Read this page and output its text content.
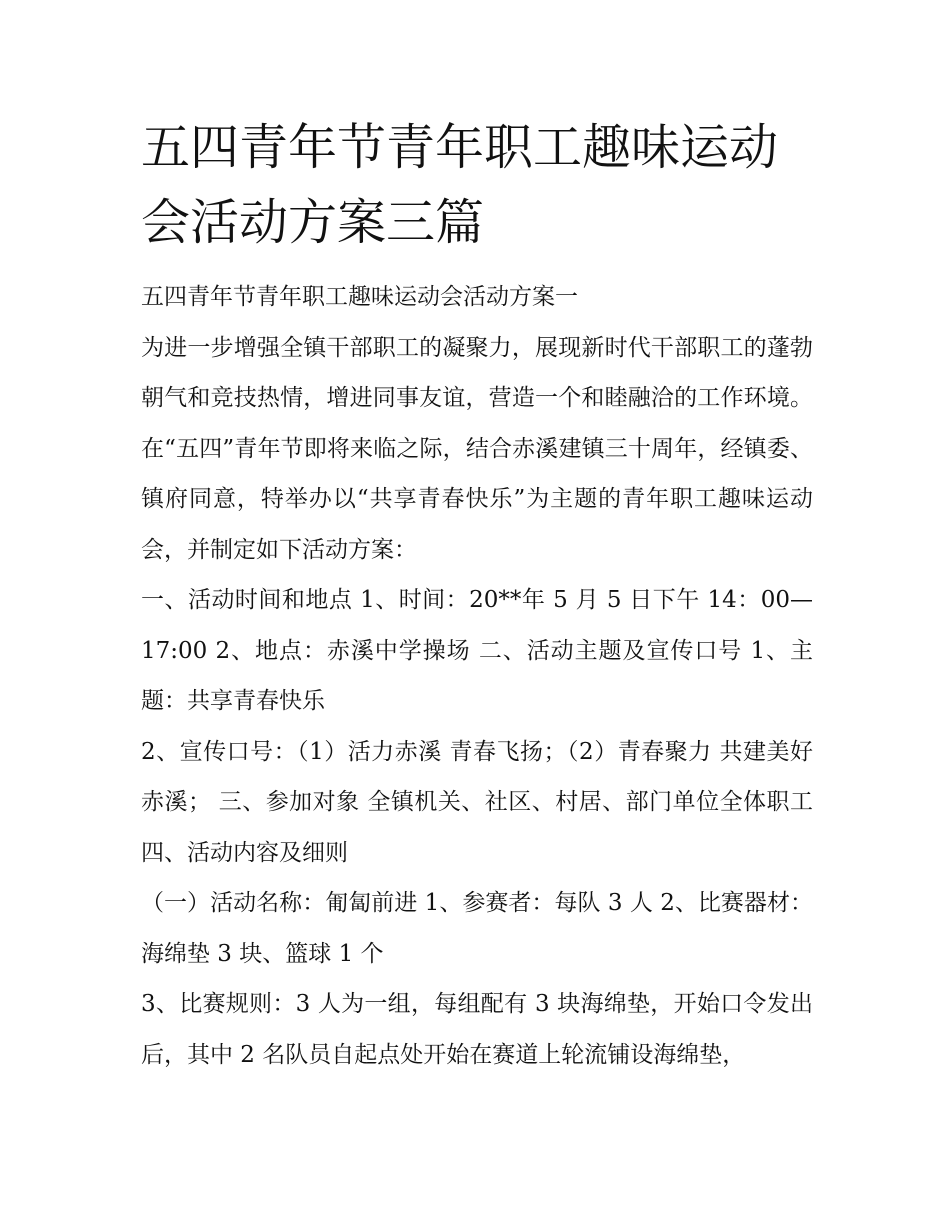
五四青年节青年职工趣味运动会活动方案三篇

五四青年节青年职工趣味运动会活动方案一

为进一步增强全镇干部职工的凝聚力，展现新时代干部职工的蓬勃朝气和竞技热情，增进同事友谊，营造一个和睦融洽的工作环境。在“五四”青年节即将来临之际，结合赤溪建镇三十周年，经镇委、镇府同意，特举办以“共享青春快乐”为主题的青年职工趣味运动会，并制定如下活动方案：

一、活动时间和地点 1、时间：20**年 5 月 5 日下午 14：00—17:00 2、地点：赤溪中学操场 二、活动主题及宣传口号 1、主题：共享青春快乐

2、宣传口号：（1）活力赤溪 青春飞扬；（2）青春聚力 共建美好赤溪； 三、参加对象 全镇机关、社区、村居、部门单位全体职工 四、活动内容及细则

（一）活动名称：匍匐前进 1、参赛者：每队 3 人 2、比赛器材：海绵垫 3 块、篮球 1 个

3、比赛规则：3 人为一组，每组配有 3 块海绵垫，开始口令发出后，其中 2 名队员自起点处开始在赛道上轮流铺设海绵垫，
